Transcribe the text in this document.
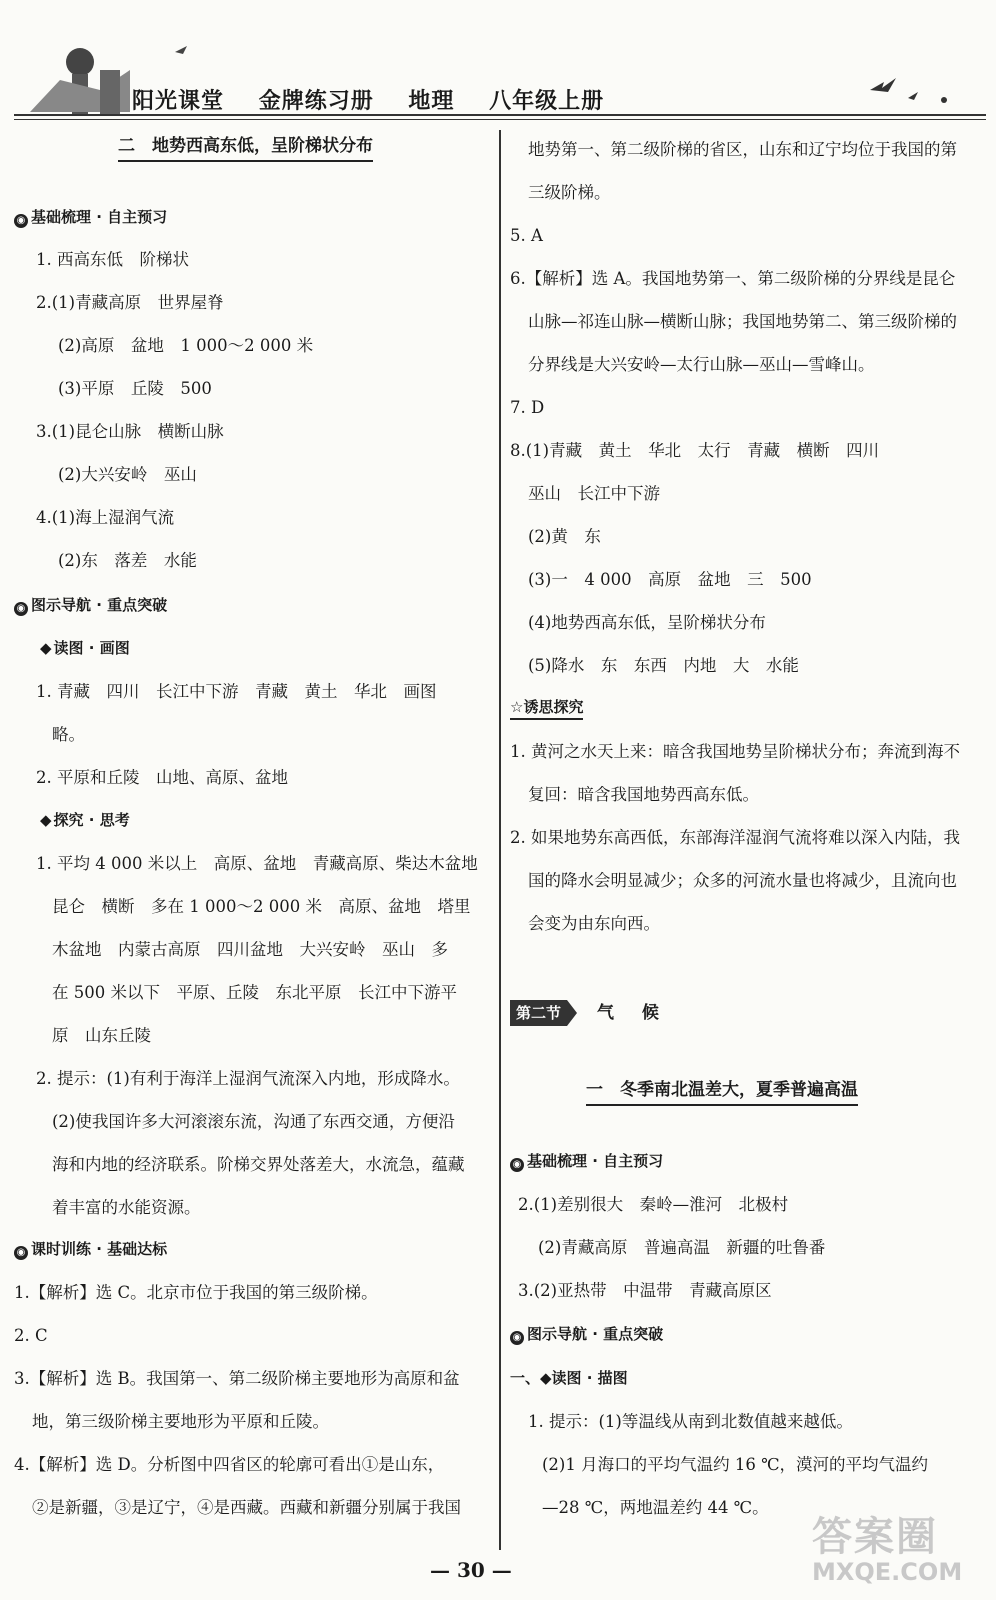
阳光课堂 金牌练习册 地理 八年级上册
二　地势西高东低，呈阶梯状分布
◉ 基础梳理 · 自主预习
1. 西高东低　阶梯状
2.(1)青藏高原　世界屋脊
(2)高原　盆地　1 000～2 000 米
(3)平原　丘陵　500
3.(1)昆仑山脉　横断山脉
(2)大兴安岭　巫山
4.(1)海上湿润气流
(2)东　落差　水能
◉ 图示导航 · 重点突破
◆ 读图 · 画图
1. 青藏　四川　长江中下游　青藏　黄土　华北　画图
略。
2. 平原和丘陵　山地、高原、盆地
◆ 探究 · 思考
1. 平均 4 000 米以上　高原、盆地　青藏高原、柴达木盆地
昆仑　横断　多在 1 000～2 000 米　高原、盆地　塔里
木盆地　内蒙古高原　四川盆地　大兴安岭　巫山　多
在 500 米以下　平原、丘陵　东北平原　长江中下游平
原　山东丘陵
2. 提示：(1)有利于海洋上湿润气流深入内地，形成降水。
(2)使我国许多大河滚滚东流，沟通了东西交通，方便沿
海和内地的经济联系。阶梯交界处落差大，水流急，蕴藏
着丰富的水能资源。
◉ 课时训练 · 基础达标
1.【解析】选 C。北京市位于我国的第三级阶梯。
2. C
3.【解析】选 B。我国第一、第二级阶梯主要地形为高原和盆
地，第三级阶梯主要地形为平原和丘陵。
4.【解析】选 D。分析图中四省区的轮廓可看出①是山东，
②是新疆，③是辽宁，④是西藏。西藏和新疆分别属于我国
地势第一、第二级阶梯的省区，山东和辽宁均位于我国的第
三级阶梯。
5. A
6.【解析】选 A。我国地势第一、第二级阶梯的分界线是昆仑
山脉—祁连山脉—横断山脉；我国地势第二、第三级阶梯的
分界线是大兴安岭—太行山脉—巫山—雪峰山。
7. D
8.(1)青藏　黄土　华北　太行　青藏　横断　四川
巫山　长江中下游
(2)黄　东
(3)一　4 000　高原　盆地　三　500
(4)地势西高东低，呈阶梯状分布
(5)降水　东　东西　内地　大　水能
☆诱思探究
1. 黄河之水天上来：暗含我国地势呈阶梯状分布；奔流到海不
复回：暗含我国地势西高东低。
2. 如果地势东高西低，东部海洋湿润气流将难以深入内陆，我
国的降水会明显减少；众多的河流水量也将减少，且流向也
会变为由东向西。
第二节 气候
一　冬季南北温差大，夏季普遍高温
◉ 基础梳理 · 自主预习
2.(1)差别很大　秦岭—淮河　北极村
(2)青藏高原　普遍高温　新疆的吐鲁番
3.(2)亚热带　中温带　青藏高原区
◉ 图示导航 · 重点突破
一、◆读图 · 描图
1. 提示：(1)等温线从南到北数值越来越低。
(2)1 月海口的平均气温约 16 ℃，漠河的平均气温约
—28 ℃，两地温差约 44 ℃。
— 30 —
答案圈
MXQE.COM
